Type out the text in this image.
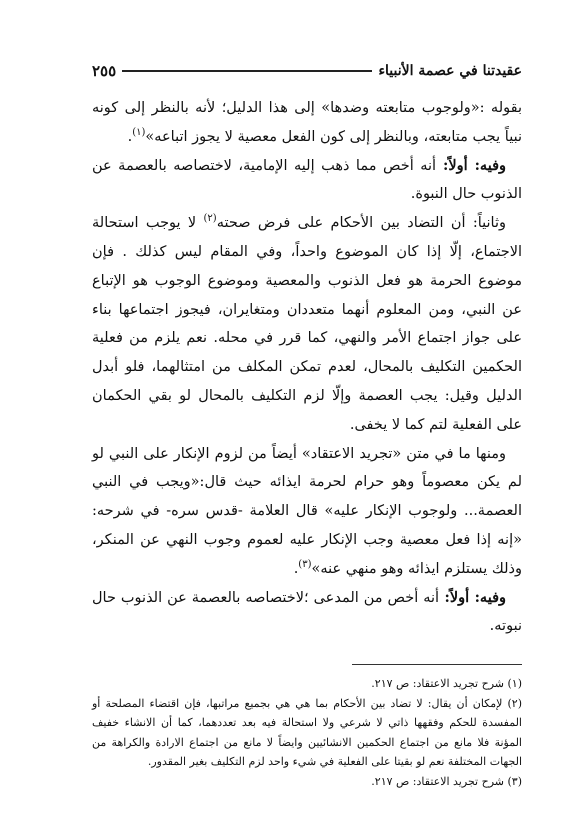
عقيدتنا في عصمة الأنبياء
٢٥٥

بقوله :«ولوجوب متابعته وضدها» إلى هذا الدليل؛ لأنه بالنظر إلى كونه نبياً يجب متابعته، وبالنظر إلى كون الفعل معصية لا يجوز اتباعه»$^{(١)}$.

وفيه: أولاً: أنه أخص مما ذهب إليه الإمامية، لاختصاصه بالعصمة عن الذنوب حال النبوة.

وثانياً: أن التضاد بين الأحكام على فرض صحته$^{(٢)}$ لا يوجب استحالة الاجتماع، إلّا إذا كان الموضوع واحداً، وفي المقام ليس كذلك . فإن موضوع الحرمة هو فعل الذنوب والمعصية وموضوع الوجوب هو الإتباع عن النبي، ومن المعلوم أنهما متعددان ومتغايران، فيجوز اجتماعها بناء على جواز اجتماع الأمر والنهي، كما قرر في محله. نعم يلزم من فعلية الحكمين التكليف بالمحال، لعدم تمكن المكلف من امتثالهما، فلو أبدل الدليل وقيل: يجب العصمة وإلّا لزم التكليف بالمحال لو بقي الحكمان على الفعلية لتم كما لا يخفى.

ومنها ما في متن «تجريد الاعتقاد» أيضاً من لزوم الإنكار على النبي لو لم يكن معصوماً وهو حرام لحرمة ايذائه حيث قال:«ويجب في النبي العصمة... ولوجوب الإنكار عليه» قال العلامة -قدس سره- في شرحه: «إنه إذا فعل معصية وجب الإنكار عليه لعموم وجوب النهي عن المنكر، وذلك يستلزم ايذائه وهو منهي عنه»$^{(٣)}$.

وفيه: أولاً: أنه أخص من المدعى ؛لاختصاصه بالعصمة عن الذنوب حال نبوته.

(١) شرح تجريد الاعتقاد: ص ٢١٧.

(٢) لإمكان أن يقال: لا تضاد بين الأحكام بما هي هي بجميع مراتبها، فإن اقتضاء المصلحة أو المفسدة للحكم وفقهها ذاتي لا شرعي ولا استحالة فيه بعد تعددهما، كما أن الانشاء خفيف المؤنة فلا مانع من اجتماع الحكمين الانشائيين وايضاً لا مانع من اجتماع الارادة والكراهة من الجهات المختلفة نعم لو بقيتا على الفعلية في شيء واحد لزم التكليف بغير المقدور.

(٣) شرح تجريد الاعتقاد: ص ٢١٧.
